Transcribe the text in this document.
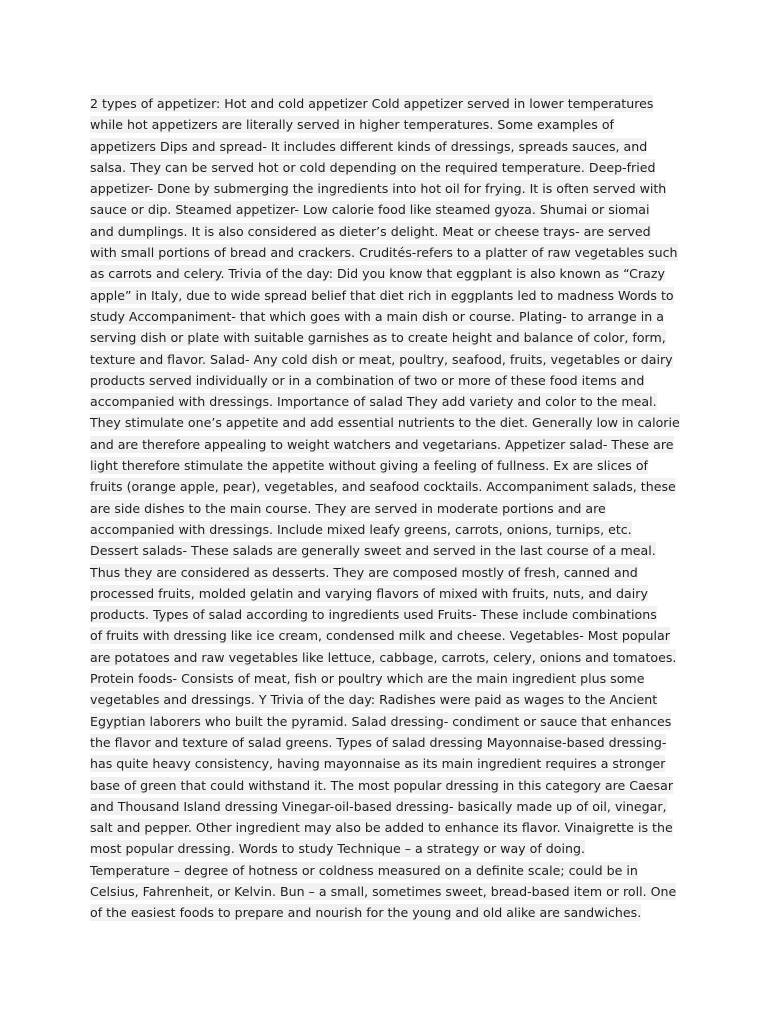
2 types of appetizer: Hot and cold appetizer Cold appetizer served in lower temperatures
while hot appetizers are literally served in higher temperatures. Some examples of
appetizers Dips and spread- It includes different kinds of dressings, spreads sauces, and
salsa. They can be served hot or cold depending on the required temperature. Deep-fried
appetizer- Done by submerging the ingredients into hot oil for frying. It is often served with
sauce or dip. Steamed appetizer- Low calorie food like steamed gyoza. Shumai or siomai
and dumplings. It is also considered as dieter’s delight. Meat or cheese trays- are served
with small portions of bread and crackers. Crudités-refers to a platter of raw vegetables such
as carrots and celery. Trivia of the day: Did you know that eggplant is also known as “Crazy
apple” in Italy, due to wide spread belief that diet rich in eggplants led to madness Words to
study Accompaniment- that which goes with a main dish or course. Plating- to arrange in a
serving dish or plate with suitable garnishes as to create height and balance of color, form,
texture and flavor. Salad- Any cold dish or meat, poultry, seafood, fruits, vegetables or dairy
products served individually or in a combination of two or more of these food items and
accompanied with dressings. Importance of salad They add variety and color to the meal.
They stimulate one’s appetite and add essential nutrients to the diet. Generally low in calorie
and are therefore appealing to weight watchers and vegetarians. Appetizer salad- These are
light therefore stimulate the appetite without giving a feeling of fullness. Ex are slices of
fruits (orange apple, pear), vegetables, and seafood cocktails. Accompaniment salads, these
are side dishes to the main course. They are served in moderate portions and are
accompanied with dressings. Include mixed leafy greens, carrots, onions, turnips, etc.
Dessert salads- These salads are generally sweet and served in the last course of a meal.
Thus they are considered as desserts. They are composed mostly of fresh, canned and
processed fruits, molded gelatin and varying flavors of mixed with fruits, nuts, and dairy
products. Types of salad according to ingredients used Fruits- These include combinations
of fruits with dressing like ice cream, condensed milk and cheese. Vegetables- Most popular
are potatoes and raw vegetables like lettuce, cabbage, carrots, celery, onions and tomatoes.
Protein foods- Consists of meat, fish or poultry which are the main ingredient plus some
vegetables and dressings. Y Trivia of the day: Radishes were paid as wages to the Ancient
Egyptian laborers who built the pyramid. Salad dressing- condiment or sauce that enhances
the flavor and texture of salad greens. Types of salad dressing Mayonnaise-based dressing-
has quite heavy consistency, having mayonnaise as its main ingredient requires a stronger
base of green that could withstand it. The most popular dressing in this category are Caesar
and Thousand Island dressing Vinegar-oil-based dressing- basically made up of oil, vinegar,
salt and pepper. Other ingredient may also be added to enhance its flavor. Vinaigrette is the
most popular dressing. Words to study Technique – a strategy or way of doing.
Temperature – degree of hotness or coldness measured on a definite scale; could be in
Celsius, Fahrenheit, or Kelvin. Bun – a small, sometimes sweet, bread-based item or roll. One
of the easiest foods to prepare and nourish for the young and old alike are sandwiches.
